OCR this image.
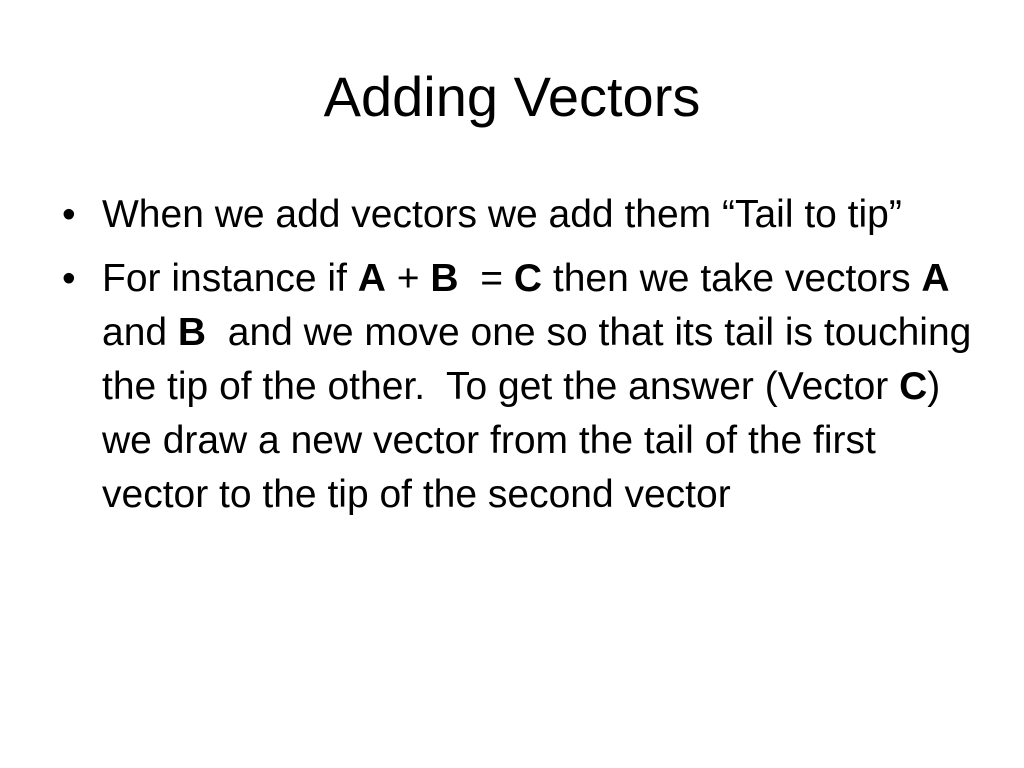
Adding Vectors
• When we add vectors we add them “Tail to tip”
• For instance if A + B  = C then we take vectors A and B  and we move one so that its tail is touching the tip of the other.  To get the answer (Vector C) we draw a new vector from the tail of the first vector to the tip of the second vector
